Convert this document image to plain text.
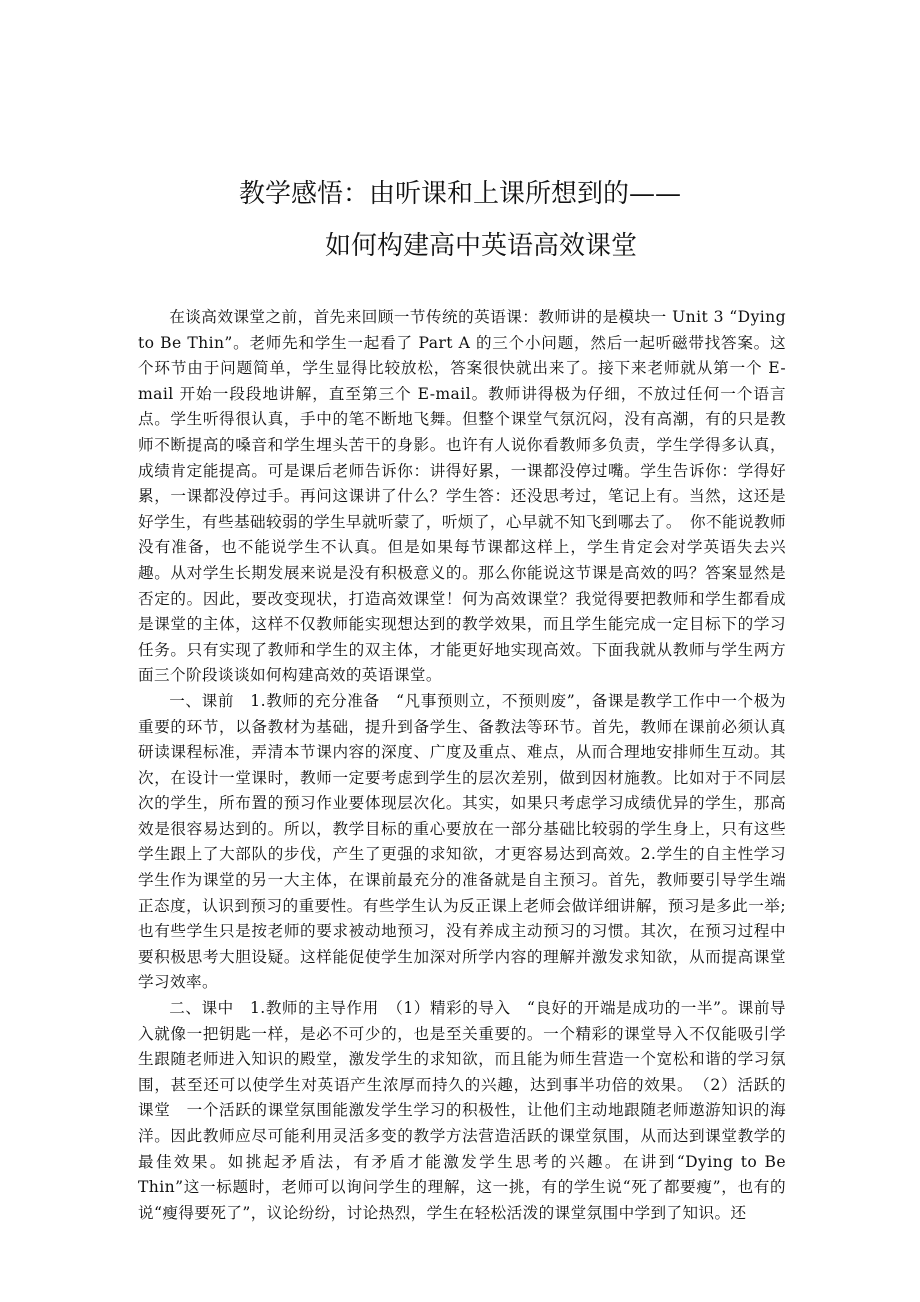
教学感悟：由听课和上课所想到的——
如何构建高中英语高效课堂

在谈高效课堂之前，首先来回顾一节传统的英语课：教师讲的是模块一 Unit 3 “Dying to Be Thin”。老师先和学生一起看了 Part A 的三个小问题，然后一起听磁带找答案。这个环节由于问题简单，学生显得比较放松，答案很快就出来了。接下来老师就从第一个 E-mail 开始一段段地讲解，直至第三个 E-mail。教师讲得极为仔细，不放过任何一个语言点。学生听得很认真，手中的笔不断地飞舞。但整个课堂气氛沉闷，没有高潮，有的只是教师不断提高的嗓音和学生埋头苦干的身影。也许有人说你看教师多负责，学生学得多认真，成绩肯定能提高。可是课后老师告诉你：讲得好累，一课都没停过嘴。学生告诉你：学得好累，一课都没停过手。再问这课讲了什么？学生答：还没思考过，笔记上有。当然，这还是好学生，有些基础较弱的学生早就听蒙了，听烦了，心早就不知飞到哪去了。　你不能说教师没有准备，也不能说学生不认真。但是如果每节课都这样上，学生肯定会对学英语失去兴趣。从对学生长期发展来说是没有积极意义的。那么你能说这节课是高效的吗？答案显然是否定的。因此，要改变现状，打造高效课堂！何为高效课堂？我觉得要把教师和学生都看成是课堂的主体，这样不仅教师能实现想达到的教学效果，而且学生能完成一定目标下的学习任务。只有实现了教师和学生的双主体，才能更好地实现高效。下面我就从教师与学生两方面三个阶段谈谈如何构建高效的英语课堂。

一、课前　1.教师的充分准备　“凡事预则立，不预则废”，备课是教学工作中一个极为重要的环节，以备教材为基础，提升到备学生、备教法等环节。首先，教师在课前必须认真研读课程标准，弄清本节课内容的深度、广度及重点、难点，从而合理地安排师生互动。其次，在设计一堂课时，教师一定要考虑到学生的层次差别，做到因材施教。比如对于不同层次的学生，所布置的预习作业要体现层次化。其实，如果只考虑学习成绩优异的学生，那高效是很容易达到的。所以，教学目标的重心要放在一部分基础比较弱的学生身上，只有这些学生跟上了大部队的步伐，产生了更强的求知欲，才更容易达到高效。2.学生的自主性学习　学生作为课堂的另一大主体，在课前最充分的准备就是自主预习。首先，教师要引导学生端正态度，认识到预习的重要性。有些学生认为反正课上老师会做详细讲解，预习是多此一举; 也有些学生只是按老师的要求被动地预习，没有养成主动预习的习惯。其次，在预习过程中要积极思考大胆设疑。这样能促使学生加深对所学内容的理解并激发求知欲，从而提高课堂学习效率。

二、课中　1.教师的主导作用　（1）精彩的导入　“良好的开端是成功的一半”。课前导入就像一把钥匙一样，是必不可少的，也是至关重要的。一个精彩的课堂导入不仅能吸引学生跟随老师进入知识的殿堂，激发学生的求知欲，而且能为师生营造一个宽松和谐的学习氛围，甚至还可以使学生对英语产生浓厚而持久的兴趣，达到事半功倍的效果。　（2）活跃的课堂　一个活跃的课堂氛围能激发学生学习的积极性，让他们主动地跟随老师遨游知识的海洋。因此教师应尽可能利用灵活多变的教学方法营造活跃的课堂氛围，从而达到课堂教学的最佳效果。如挑起矛盾法，有矛盾才能激发学生思考的兴趣。在讲到“Dying to Be Thin”这一标题时，老师可以询问学生的理解，这一挑，有的学生说“死了都要瘦”，也有的说“瘦得要死了”，议论纷纷，讨论热烈，学生在轻松活泼的课堂氛围中学到了知识。还
